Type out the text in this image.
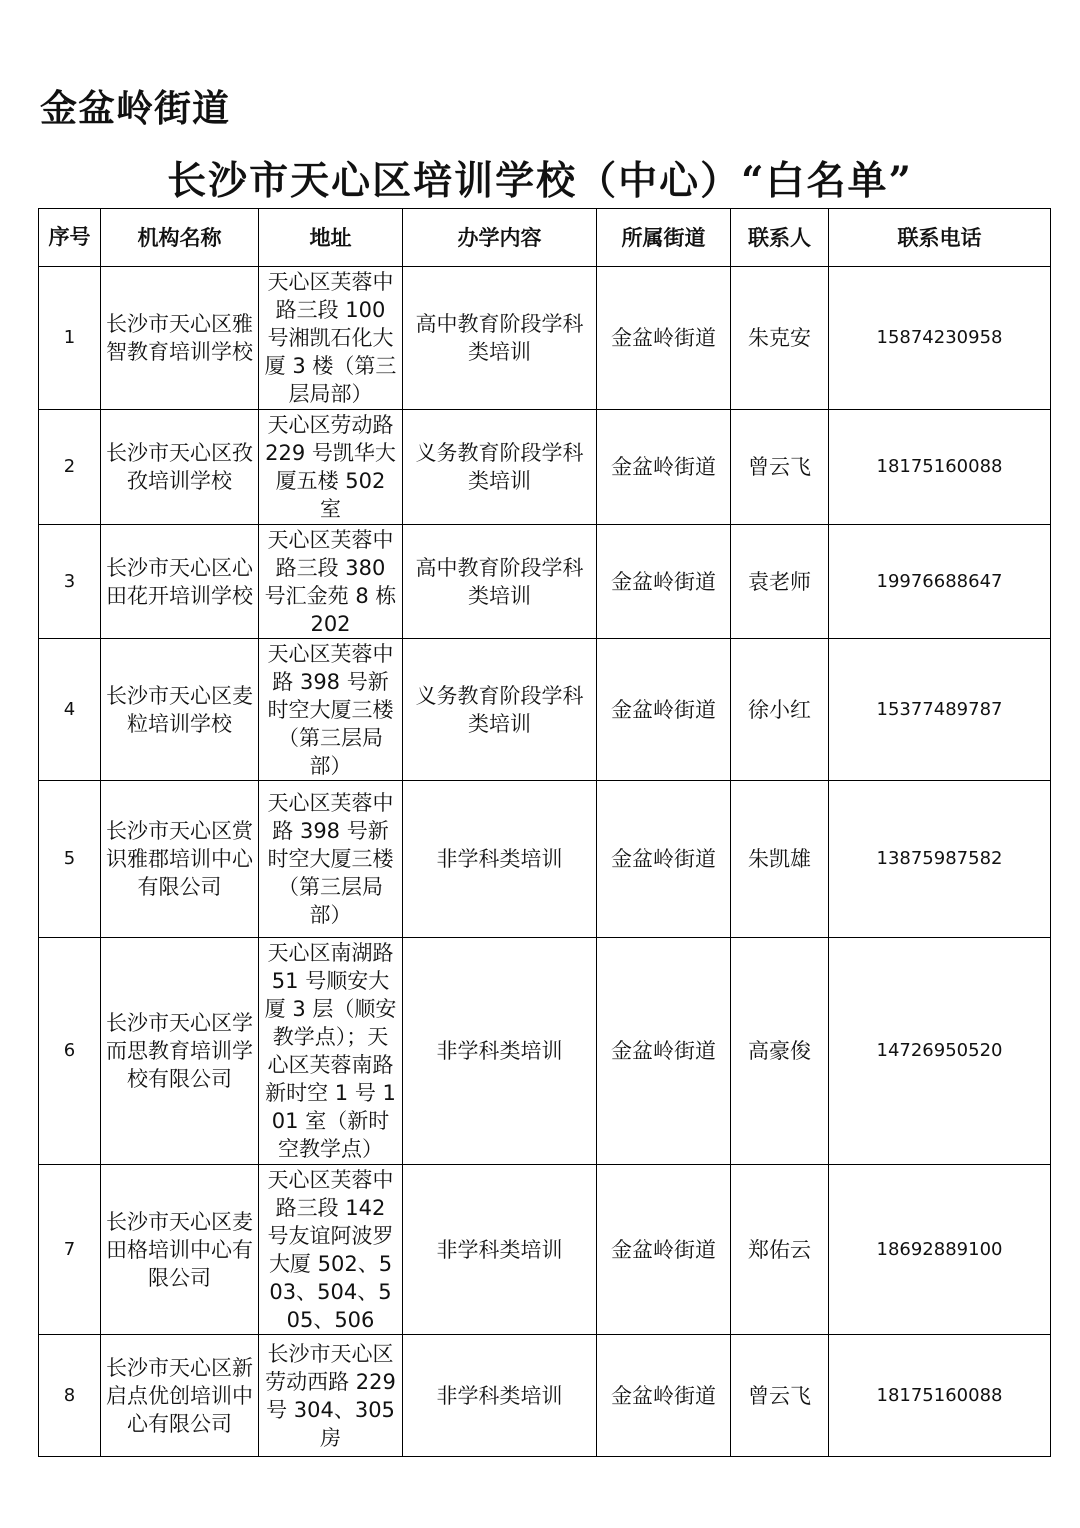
金盆岭街道
长沙市天心区培训学校（中心）“白名单”
序号	机构名称	地址	办学内容	所属街道	联系人	联系电话
1	长沙市天心区雅智教育培训学校	天心区芙蓉中路三段 100 号湘凯石化大厦 3 楼（第三层局部）	高中教育阶段学科类培训	金盆岭街道	朱克安	15874230958
2	长沙市天心区孜孜培训学校	天心区劳动路 229 号凯华大厦五楼 502 室	义务教育阶段学科类培训	金盆岭街道	曾云飞	18175160088
3	长沙市天心区心田花开培训学校	天心区芙蓉中路三段 380 号汇金苑 8 栋 202	高中教育阶段学科类培训	金盆岭街道	袁老师	19976688647
4	长沙市天心区麦粒培训学校	天心区芙蓉中路 398 号新时空大厦三楼（第三层局部）	义务教育阶段学科类培训	金盆岭街道	徐小红	15377489787
5	长沙市天心区赏识雅郡培训中心有限公司	天心区芙蓉中路 398 号新时空大厦三楼（第三层局部）	非学科类培训	金盆岭街道	朱凯雄	13875987582
6	长沙市天心区学而思教育培训学校有限公司	天心区南湖路 51 号顺安大厦 3 层（顺安教学点）；天心区芙蓉南路新时空 1 号 101 室（新时空教学点）	非学科类培训	金盆岭街道	高豪俊	14726950520
7	长沙市天心区麦田格培训中心有限公司	天心区芙蓉中路三段 142 号友谊阿波罗大厦 502、503、504、505、506	非学科类培训	金盆岭街道	郑佑云	18692889100
8	长沙市天心区新启点优创培训中心有限公司	长沙市天心区劳动西路 229 号 304、305 房	非学科类培训	金盆岭街道	曾云飞	18175160088
